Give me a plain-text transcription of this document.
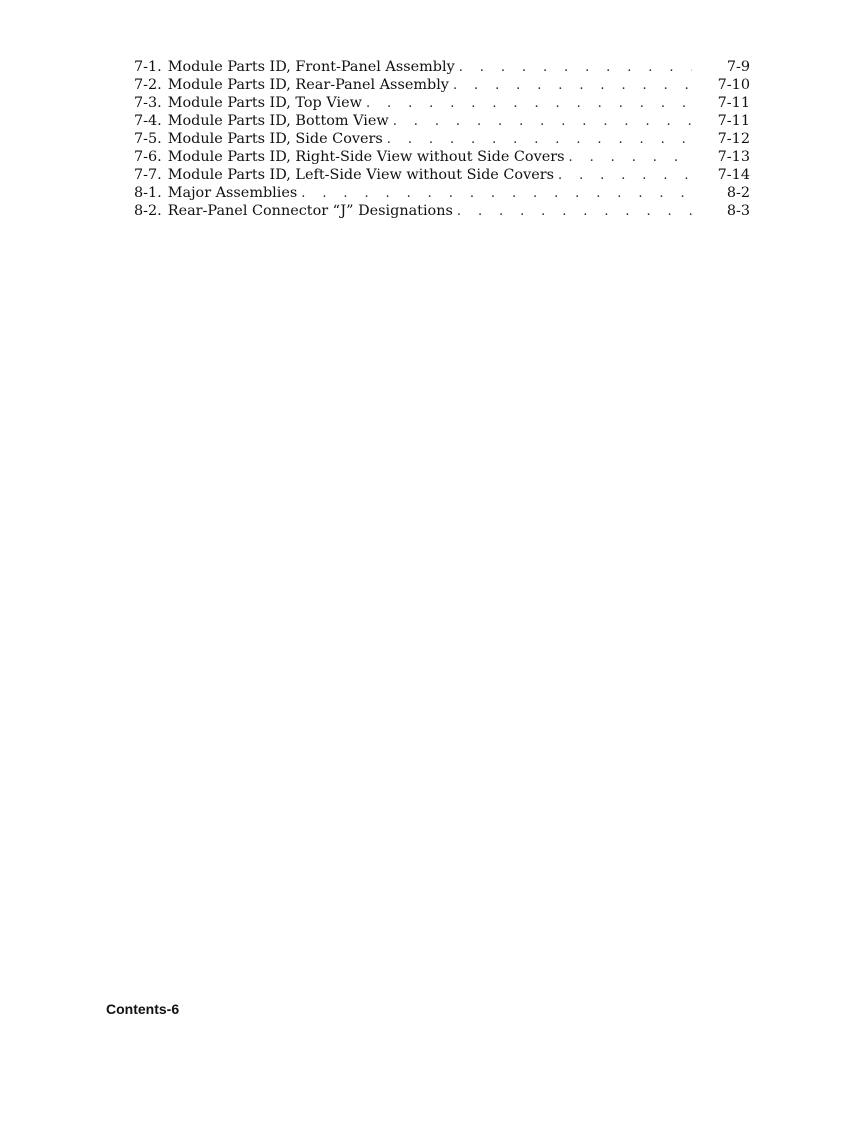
7-1. Module Parts ID, Front-Panel Assembly . . .	7-9
7-2. Module Parts ID, Rear-Panel Assembly . . .	7-10
7-3. Module Parts ID, Top View . . .	7-11
7-4. Module Parts ID, Bottom View . . .	7-11
7-5. Module Parts ID, Side Covers . . .	7-12
7-6. Module Parts ID, Right-Side View without Side Covers . . .	7-13
7-7. Module Parts ID, Left-Side View without Side Covers . . .	7-14
8-1. Major Assemblies . . .	8-2
8-2. Rear-Panel Connector “J” Designations . . .	8-3
Contents-6
